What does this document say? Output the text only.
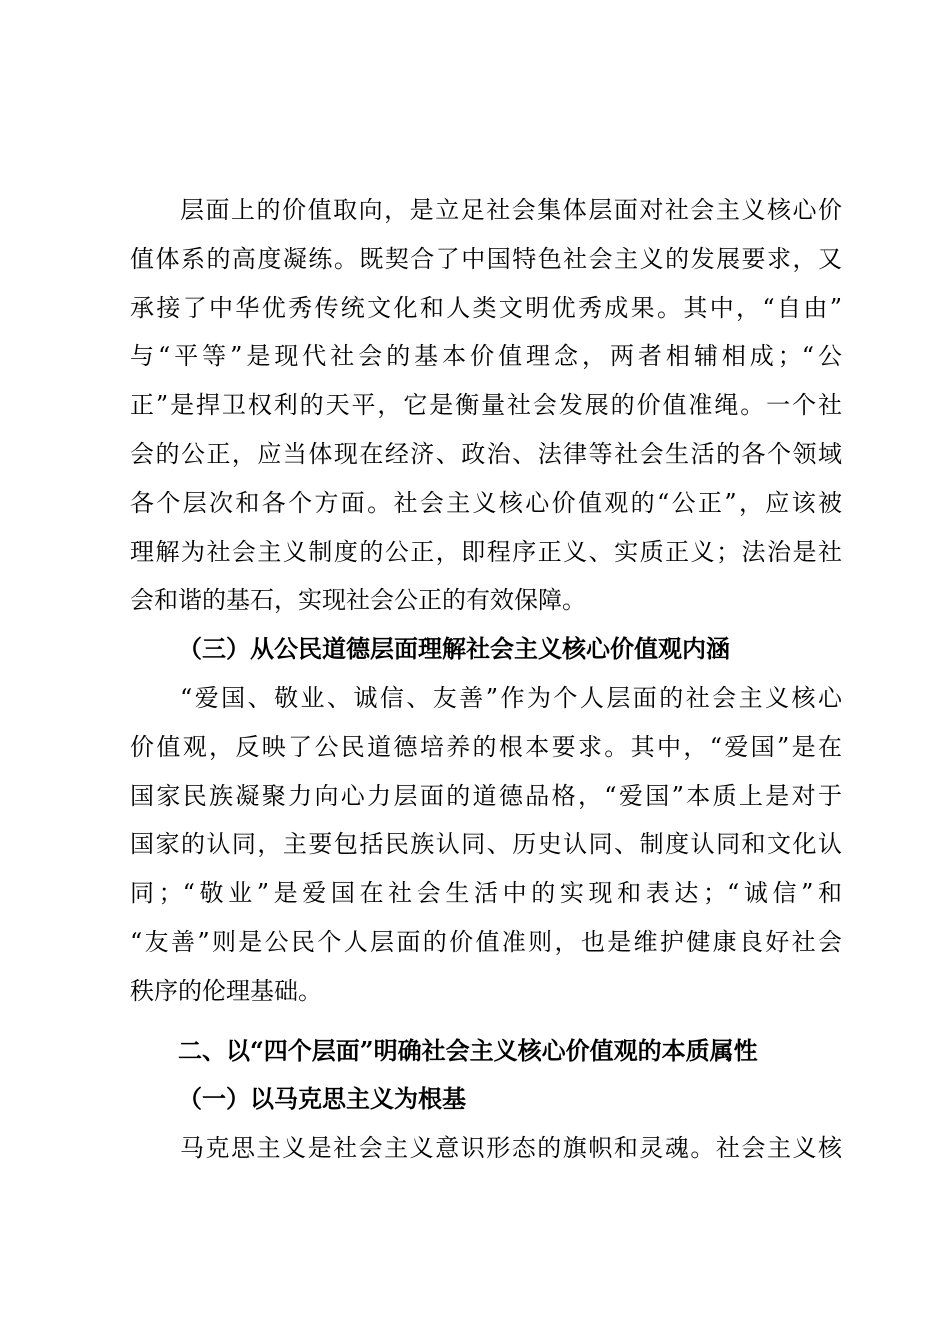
层面上的价值取向，是立足社会集体层面对社会主义核心价
值体系的高度凝练。既契合了中国特色社会主义的发展要求，又
承接了中华优秀传统文化和人类文明优秀成果。其中，“自由”
与“平等”是现代社会的基本价值理念，两者相辅相成；“公
正”是捍卫权利的天平，它是衡量社会发展的价值准绳。一个社
会的公正，应当体现在经济、政治、法律等社会生活的各个领域
各个层次和各个方面。社会主义核心价值观的“公正”，应该被
理解为社会主义制度的公正，即程序正义、实质正义；法治是社
会和谐的基石，实现社会公正的有效保障。
（三）从公民道德层面理解社会主义核心价值观内涵
“爱国、敬业、诚信、友善”作为个人层面的社会主义核心
价值观，反映了公民道德培养的根本要求。其中，“爱国”是在
国家民族凝聚力向心力层面的道德品格，“爱国”本质上是对于
国家的认同，主要包括民族认同、历史认同、制度认同和文化认
同；“敬业”是爱国在社会生活中的实现和表达；“诚信”和
“友善”则是公民个人层面的价值准则，也是维护健康良好社会
秩序的伦理基础。
二、以“四个层面”明确社会主义核心价值观的本质属性
（一）以马克思主义为根基
马克思主义是社会主义意识形态的旗帜和灵魂。社会主义核
